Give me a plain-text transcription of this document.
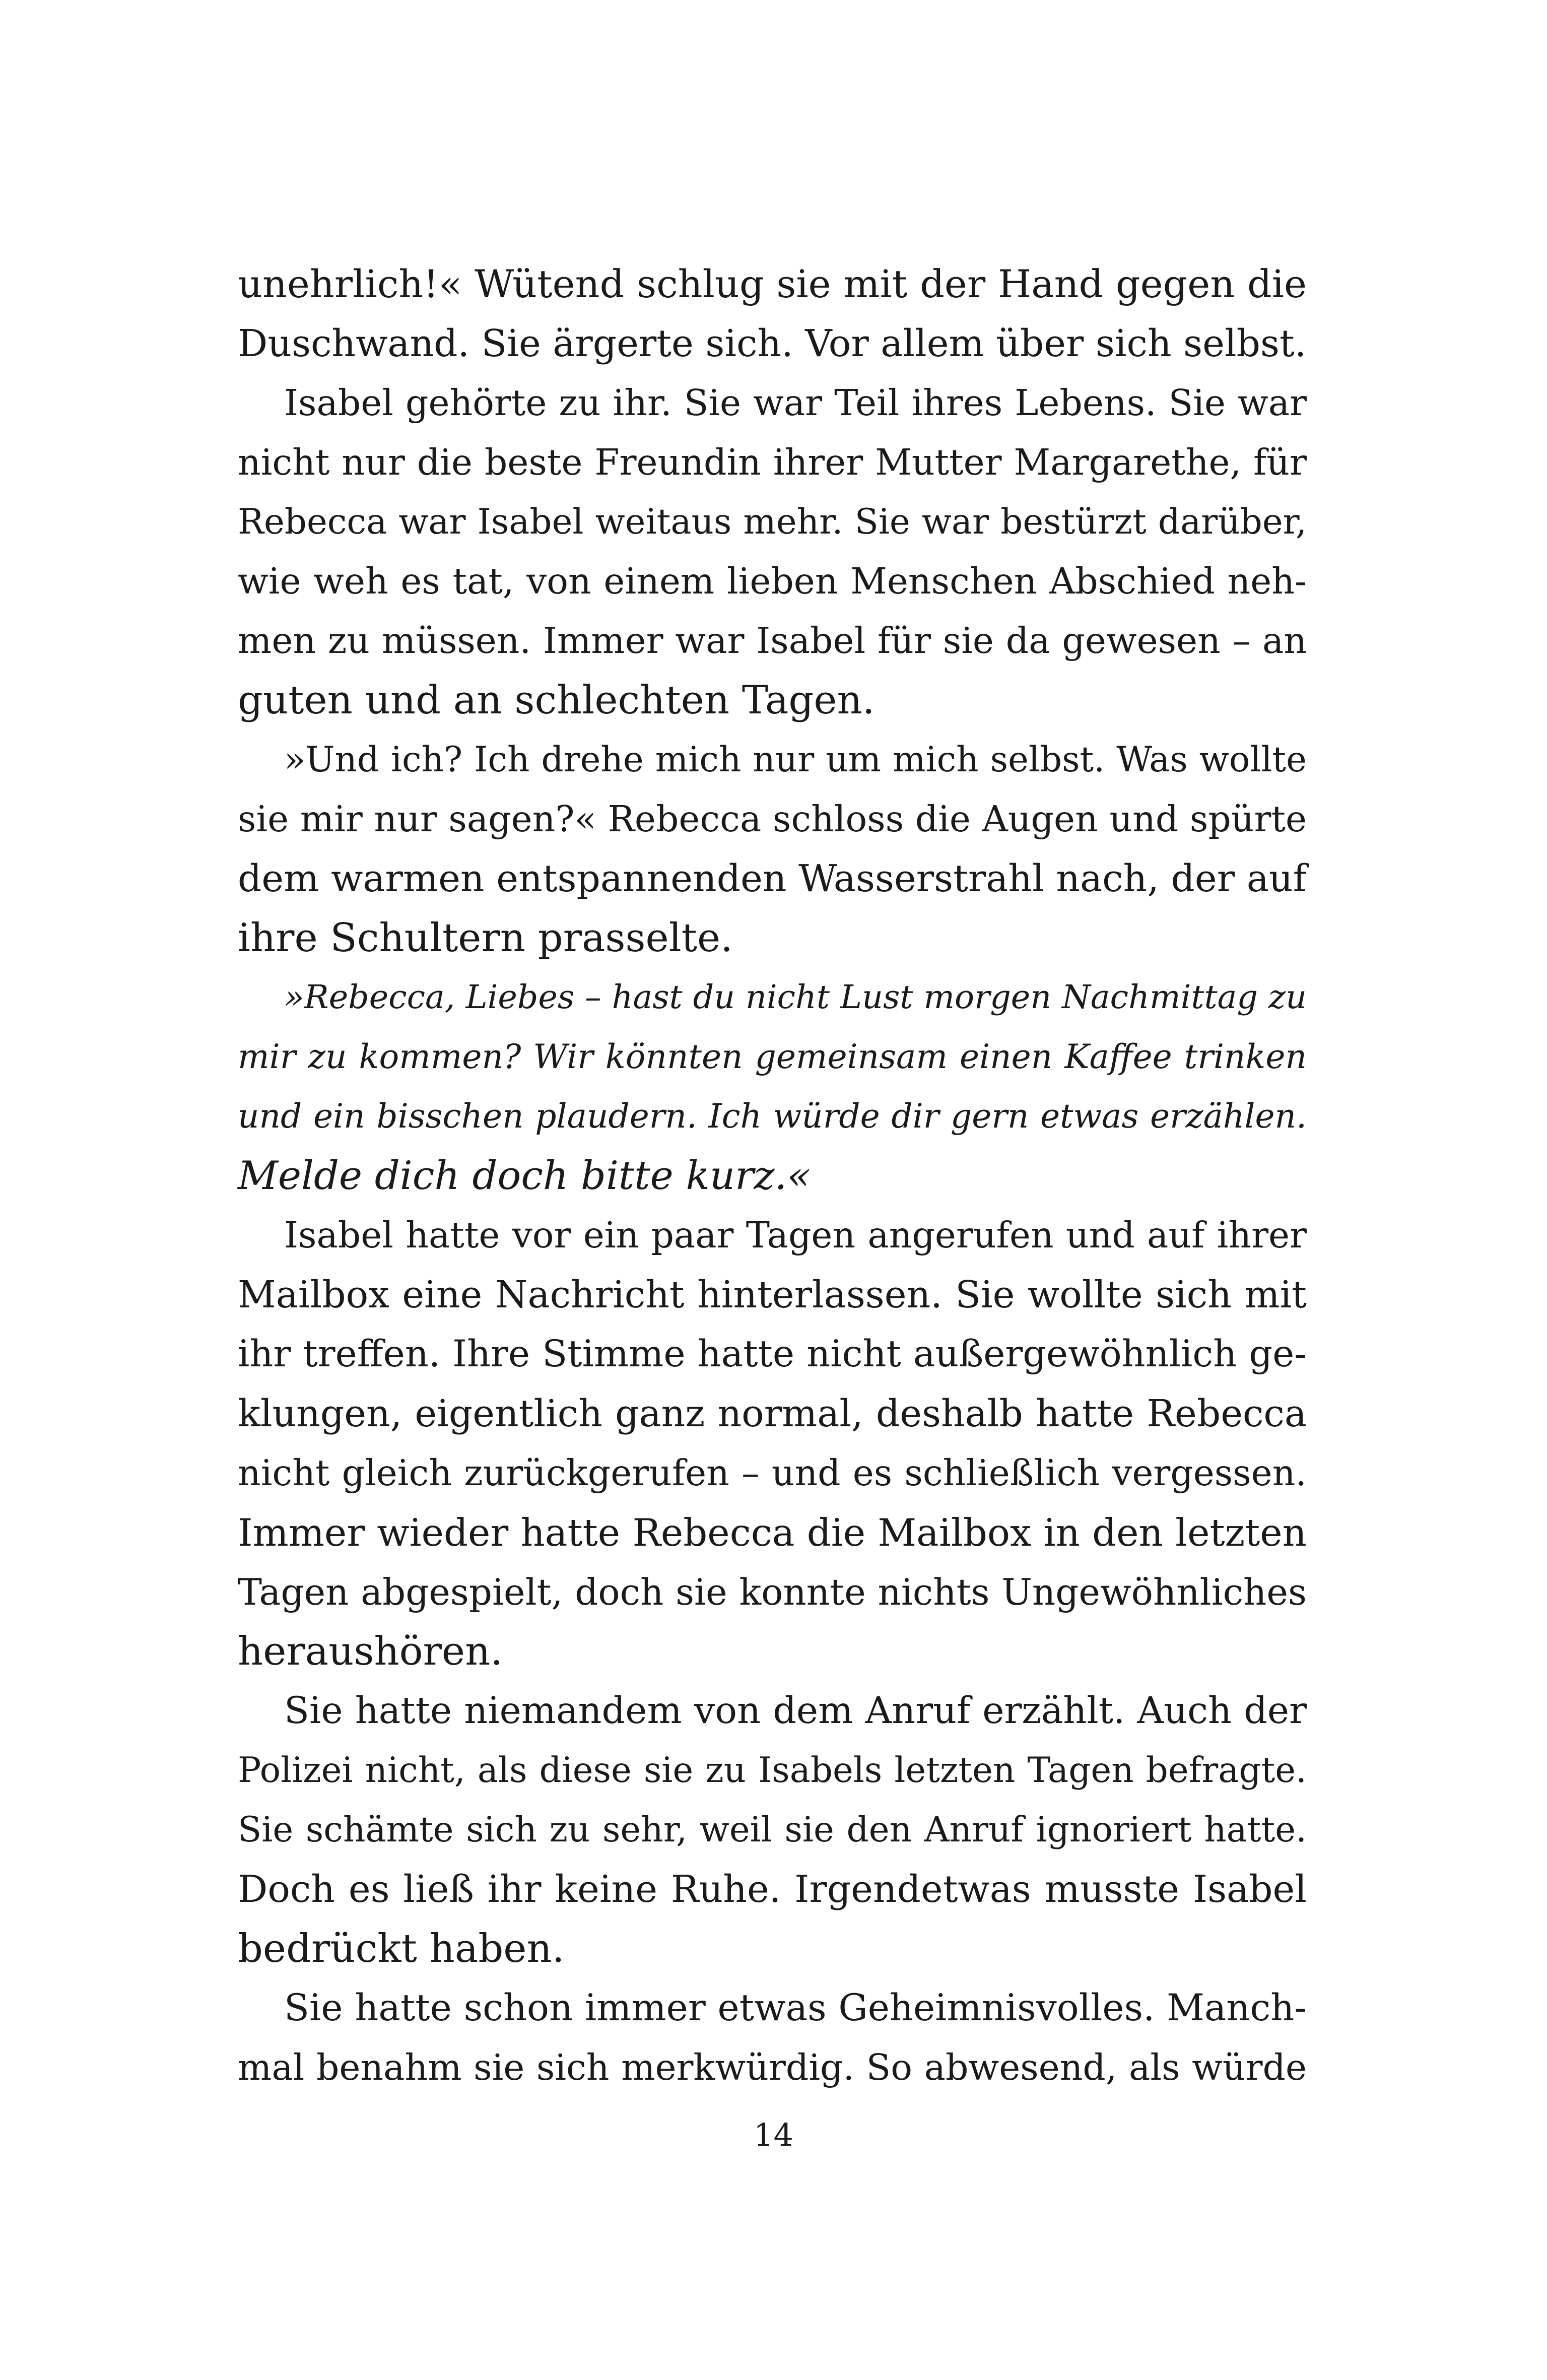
unehrlich!« Wütend schlug sie mit der Hand gegen die
Duschwand. Sie ärgerte sich. Vor allem über sich selbst.
Isabel gehörte zu ihr. Sie war Teil ihres Lebens. Sie war
nicht nur die beste Freundin ihrer Mutter Margarethe, für
Rebecca war Isabel weitaus mehr. Sie war bestürzt darüber,
wie weh es tat, von einem lieben Menschen Abschied neh-
men zu müssen. Immer war Isabel für sie da gewesen – an
guten und an schlechten Tagen.
»Und ich? Ich drehe mich nur um mich selbst. Was wollte
sie mir nur sagen?« Rebecca schloss die Augen und spürte
dem warmen entspannenden Wasserstrahl nach, der auf
ihre Schultern prasselte.
»Rebecca, Liebes – hast du nicht Lust morgen Nachmittag zu
mir zu kommen? Wir könnten gemeinsam einen Kaffee trinken
und ein bisschen plaudern. Ich würde dir gern etwas erzählen.
Melde dich doch bitte kurz.«
Isabel hatte vor ein paar Tagen angerufen und auf ihrer
Mailbox eine Nachricht hinterlassen. Sie wollte sich mit
ihr treffen. Ihre Stimme hatte nicht außergewöhnlich ge-
klungen, eigentlich ganz normal, deshalb hatte Rebecca
nicht gleich zurückgerufen – und es schließlich vergessen.
Immer wieder hatte Rebecca die Mailbox in den letzten
Tagen abgespielt, doch sie konnte nichts Ungewöhnliches
heraushören.
Sie hatte niemandem von dem Anruf erzählt. Auch der
Polizei nicht, als diese sie zu Isabels letzten Tagen befragte.
Sie schämte sich zu sehr, weil sie den Anruf ignoriert hatte.
Doch es ließ ihr keine Ruhe. Irgendetwas musste Isabel
bedrückt haben.
Sie hatte schon immer etwas Geheimnisvolles. Manch-
mal benahm sie sich merkwürdig. So abwesend, als würde
14
